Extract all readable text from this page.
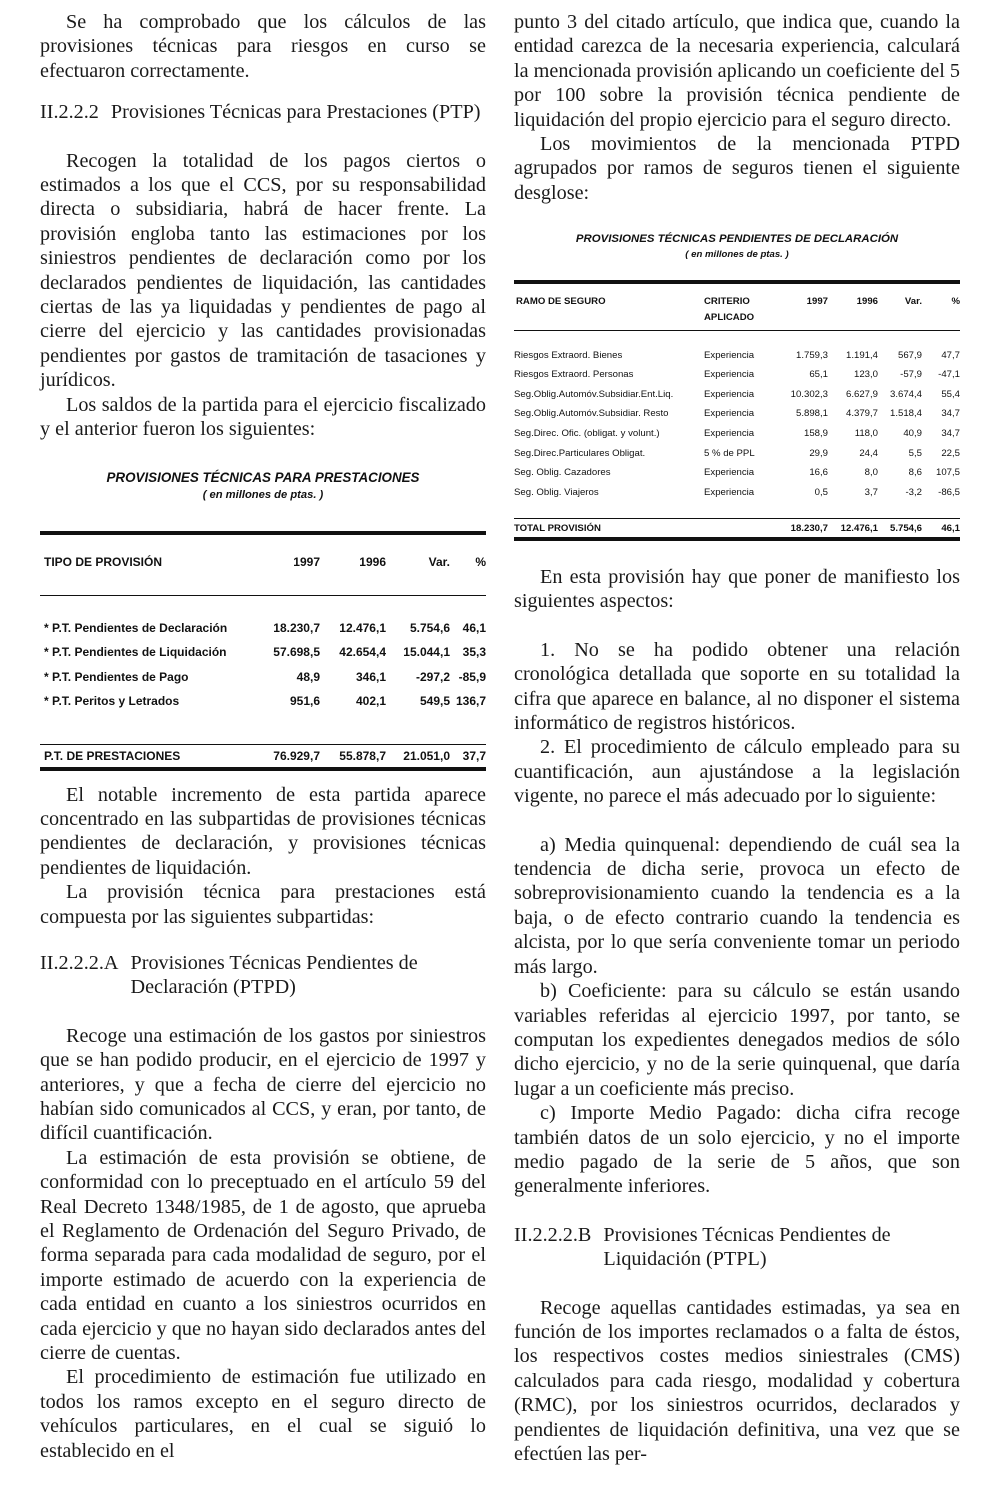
Se ha comprobado que los cálculos de las provisiones técnicas para riesgos en curso se efectuaron correctamente.

II.2.2.2 Provisiones Técnicas para Prestaciones (PTP)

Recogen la totalidad de los pagos ciertos o estimados a los que el CCS, por su responsabilidad directa o subsidiaria, habrá de hacer frente. La provisión engloba tanto las estimaciones por los siniestros pendientes de declaración como por los declarados pendientes de liquidación, las cantidades ciertas de las ya liquidadas y pendientes de pago al cierre del ejercicio y las cantidades provisionadas pendientes por gastos de tramitación de tasaciones y jurídicos.

Los saldos de la partida para el ejercicio fiscalizado y el anterior fueron los siguientes:

PROVISIONES TÉCNICAS PARA PRESTACIONES
( en millones de ptas. )
TIPO DE PROVISIÓN	1997	1996	Var.	%
* P.T. Pendientes de Declaración	18.230,7	12.476,1	5.754,6	46,1
* P.T. Pendientes de Liquidación	57.698,5	42.654,4	15.044,1	35,3
* P.T. Pendientes de Pago	48,9	346,1	-297,2	-85,9
* P.T. Peritos y Letrados	951,6	402,1	549,5	136,7
P.T. DE PRESTACIONES	76.929,7	55.878,7	21.051,0	37,7

El notable incremento de esta partida aparece concentrado en las subpartidas de provisiones técnicas pendientes de declaración, y provisiones técnicas pendientes de liquidación.

La provisión técnica para prestaciones está compuesta por las siguientes subpartidas:

II.2.2.2.A Provisiones Técnicas Pendientes de Declaración (PTPD)

Recoge una estimación de los gastos por siniestros que se han podido producir, en el ejercicio de 1997 y anteriores, y que a fecha de cierre del ejercicio no habían sido comunicados al CCS, y eran, por tanto, de difícil cuantificación.

La estimación de esta provisión se obtiene, de conformidad con lo preceptuado en el artículo 59 del Real Decreto 1348/1985, de 1 de agosto, que aprueba el Reglamento de Ordenación del Seguro Privado, de forma separada para cada modalidad de seguro, por el importe estimado de acuerdo con la experiencia de cada entidad en cuanto a los siniestros ocurridos en cada ejercicio y que no hayan sido declarados antes del cierre de cuentas.

El procedimiento de estimación fue utilizado en todos los ramos excepto en el seguro directo de vehículos particulares, en el cual se siguió lo establecido en el

punto 3 del citado artículo, que indica que, cuando la entidad carezca de la necesaria experiencia, calculará la mencionada provisión aplicando un coeficiente del 5 por 100 sobre la provisión técnica pendiente de liquidación del propio ejercicio para el seguro directo.

Los movimientos de la mencionada PTPD agrupados por ramos de seguros tienen el siguiente desglose:

PROVISIONES TÉCNICAS PENDIENTES DE DECLARACIÓN
( en millones de ptas. )
RAMO DE SEGURO	CRITERIO APLICADO	1997	1996	Var.	%
Riesgos Extraord. Bienes	Experiencia	1.759,3	1.191,4	567,9	47,7
Riesgos Extraord. Personas	Experiencia	65,1	123,0	-57,9	-47,1
Seg.Oblig.Automóv.Subsidiar.Ent.Liq.	Experiencia	10.302,3	6.627,9	3.674,4	55,4
Seg.Oblig.Automóv.Subsidiar. Resto	Experiencia	5.898,1	4.379,7	1.518,4	34,7
Seg.Direc. Ofic. (obligat. y volunt.)	Experiencia	158,9	118,0	40,9	34,7
Seg.Direc.Particulares Obligat.	5 % de PPL	29,9	24,4	5,5	22,5
Seg. Oblig. Cazadores	Experiencia	16,6	8,0	8,6	107,5
Seg. Oblig. Viajeros	Experiencia	0,5	3,7	-3,2	-86,5
TOTAL PROVISIÓN		18.230,7	12.476,1	5.754,6	46,1

En esta provisión hay que poner de manifiesto los siguientes aspectos:

1. No se ha podido obtener una relación cronológica detallada que soporte en su totalidad la cifra que aparece en balance, al no disponer el sistema informático de registros históricos.

2. El procedimiento de cálculo empleado para su cuantificación, aun ajustándose a la legislación vigente, no parece el más adecuado por lo siguiente:

a) Media quinquenal: dependiendo de cuál sea la tendencia de dicha serie, provoca un efecto de sobreprovisionamiento cuando la tendencia es a la baja, o de efecto contrario cuando la tendencia es alcista, por lo que sería conveniente tomar un periodo más largo.

b) Coeficiente: para su cálculo se están usando variables referidas al ejercicio 1997, por tanto, se computan los expedientes denegados medios de sólo dicho ejercicio, y no de la serie quinquenal, que daría lugar a un coeficiente más preciso.

c) Importe Medio Pagado: dicha cifra recoge también datos de un solo ejercicio, y no el importe medio pagado de la serie de 5 años, que son generalmente inferiores.

II.2.2.2.B Provisiones Técnicas Pendientes de Liquidación (PTPL)

Recoge aquellas cantidades estimadas, ya sea en función de los importes reclamados o a falta de éstos, los respectivos costes medios siniestrales (CMS) calculados para cada riesgo, modalidad y cobertura (RMC), por los siniestros ocurridos, declarados y pendientes de liquidación definitiva, una vez que se efectúen las per-
